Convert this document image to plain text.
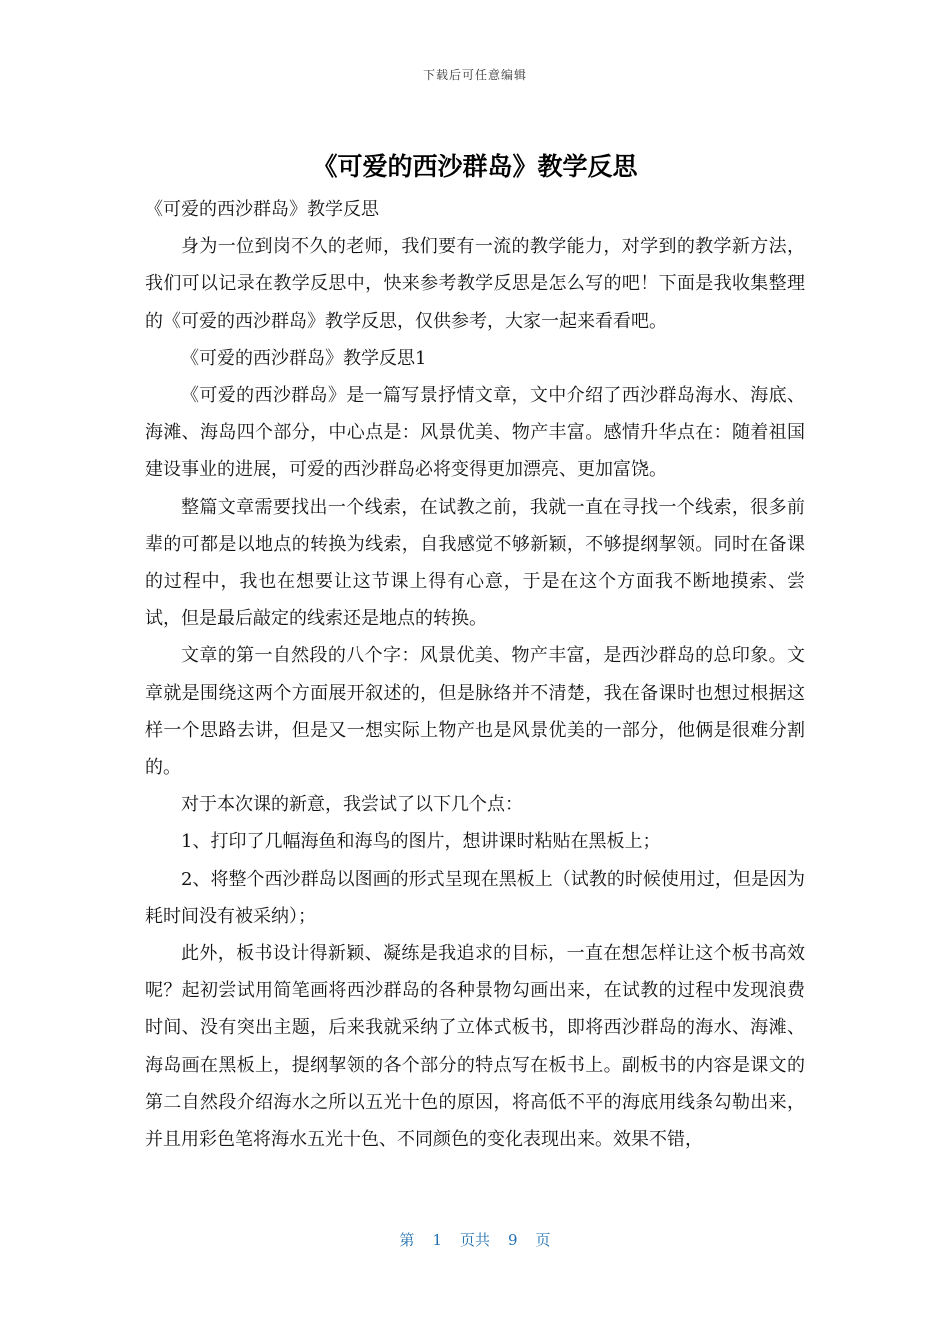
下载后可任意编辑
《可爱的西沙群岛》教学反思

《可爱的西沙群岛》教学反思

身为一位到岗不久的老师，我们要有一流的教学能力，对学到的教学新方法，我们可以记录在教学反思中，快来参考教学反思是怎么写的吧！下面是我收集整理的《可爱的西沙群岛》教学反思，仅供参考，大家一起来看看吧。

《可爱的西沙群岛》教学反思1

《可爱的西沙群岛》是一篇写景抒情文章，文中介绍了西沙群岛海水、海底、海滩、海岛四个部分，中心点是：风景优美、物产丰富。感情升华点在：随着祖国建设事业的进展，可爱的西沙群岛必将变得更加漂亮、更加富饶。

整篇文章需要找出一个线索，在试教之前，我就一直在寻找一个线索，很多前辈的可都是以地点的转换为线索，自我感觉不够新颖，不够提纲挈领。同时在备课的过程中，我也在想要让这节课上得有心意，于是在这个方面我不断地摸索、尝试，但是最后敲定的线索还是地点的转换。

文章的第一自然段的八个字：风景优美、物产丰富，是西沙群岛的总印象。文章就是围绕这两个方面展开叙述的，但是脉络并不清楚，我在备课时也想过根据这样一个思路去讲，但是又一想实际上物产也是风景优美的一部分，他俩是很难分割的。

对于本次课的新意，我尝试了以下几个点：

1、打印了几幅海鱼和海鸟的图片，想讲课时粘贴在黑板上；

2、将整个西沙群岛以图画的形式呈现在黑板上（试教的时候使用过，但是因为耗时间没有被采纳）；

此外，板书设计得新颖、凝练是我追求的目标，一直在想怎样让这个板书高效呢？起初尝试用简笔画将西沙群岛的各种景物勾画出来，在试教的过程中发现浪费时间、没有突出主题，后来我就采纳了立体式板书，即将西沙群岛的海水、海滩、海岛画在黑板上，提纲挈领的各个部分的特点写在板书上。副板书的内容是课文的第二自然段介绍海水之所以五光十色的原因，将高低不平的海底用线条勾勒出来，并且用彩色笔将海水五光十色、不同颜色的变化表现出来。效果不错，

第 1 页共 9 页
